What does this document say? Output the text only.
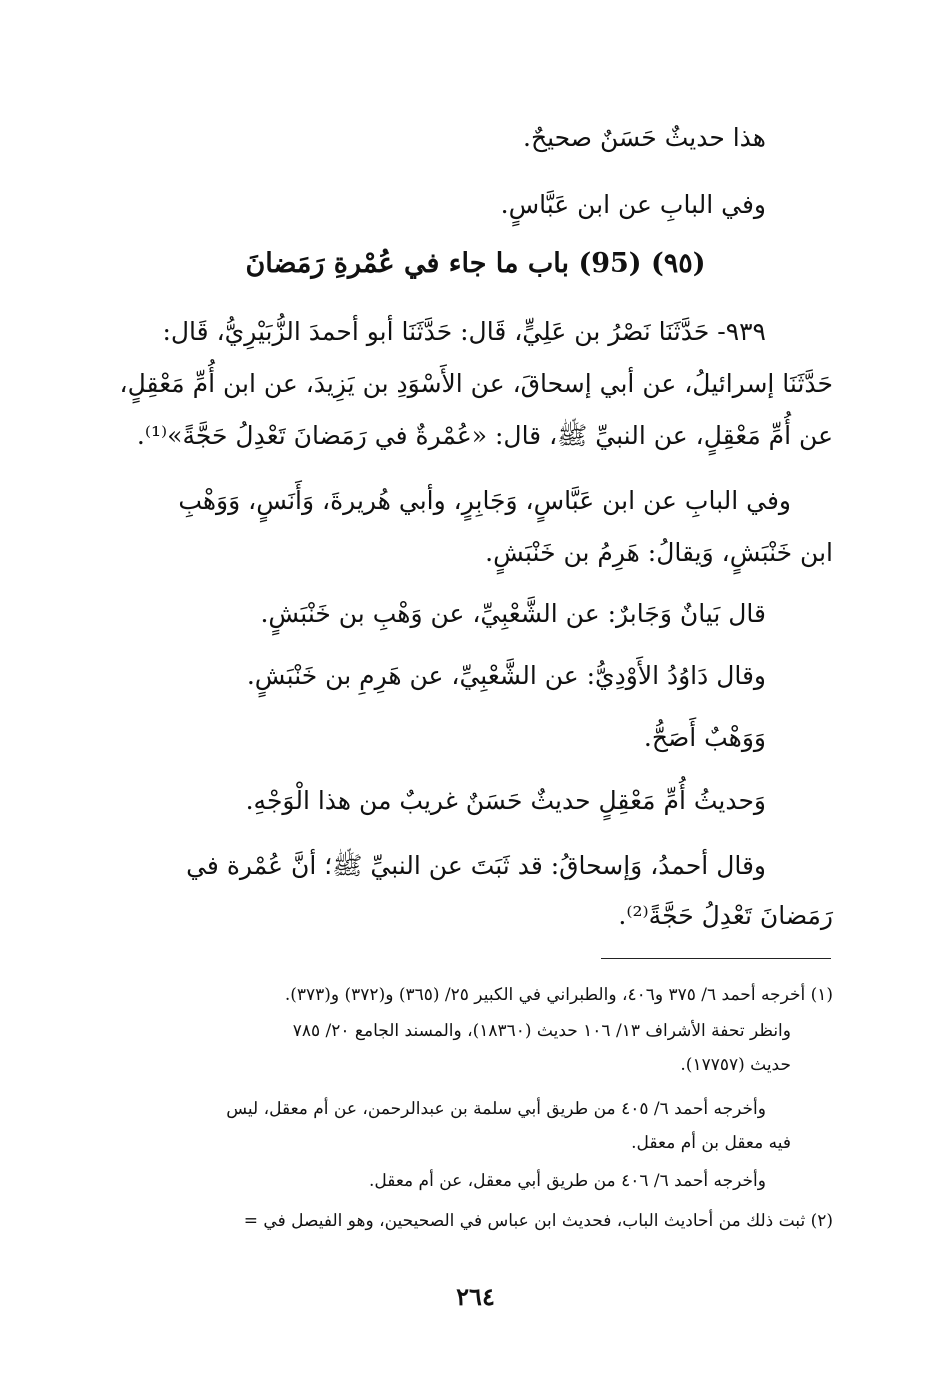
هذا حديثٌ حَسَنٌ صحيحٌ.
وفي البابِ عن ابن عَبَّاسٍ.
(٩٥) (95) باب ما جاء في عُمْرةِ رَمَضانَ
٩٣٩- حَدَّثَنَا نَصْرُ بن عَلِيٍّ، قَال: حَدَّثَنَا أبو أحمدَ الزُّبَيْرِيُّ، قَال:
حَدَّثَنَا إسرائيلُ، عن أبي إسحاقَ، عن الأَسْوَدِ بن يَزِيدَ، عن ابن أُمِّ مَعْقِلٍ،
عن أُمِّ مَعْقِلٍ، عن النبيِّ ﷺ، قال: «عُمْرةٌ في رَمَضانَ تَعْدِلُ حَجَّةً»⁽¹⁾.
وفي البابِ عن ابن عَبَّاسٍ، وَجَابِرٍ، وأبي هُريرةَ، وَأَنَسٍ، وَوَهْبِ
ابن خَنْبَشٍ، وَيقالُ: هَرِمُ بن خَنْبَشٍ.
قال بَيانٌ وَجَابرٌ: عن الشَّعْبِيِّ، عن وَهْبِ بن خَنْبَشٍ.
وقال دَاوُدُ الأَوْدِيُّ: عن الشَّعْبِيِّ، عن هَرِمِ بن خَنْبَشٍ.
وَوَهْبٌ أَصَحُّ.
وَحديثُ أُمِّ مَعْقِلٍ حديثٌ حَسَنٌ غريبٌ من هذا الْوَجْهِ.
وقال أحمدُ، وَإسحاقُ: قد ثَبَتَ عن النبيِّ ﷺ؛ أنَّ عُمْرة في
رَمَضانَ تَعْدِلُ حَجَّةً⁽²⁾.
(١) أخرجه أحمد ٦/ ٣٧٥ و٤٠٦، والطبراني في الكبير ٢٥/ (٣٦٥) و(٣٧٢) و(٣٧٣).
وانظر تحفة الأشراف ١٣/ ١٠٦ حديث (١٨٣٦٠)، والمسند الجامع ٢٠/ ٧٨٥
حديث (١٧٧٥٧).
وأخرجه أحمد ٦/ ٤٠٥ من طريق أبي سلمة بن عبدالرحمن، عن أم معقل، ليس
فيه معقل بن أم معقل.
وأخرجه أحمد ٦/ ٤٠٦ من طريق أبي معقل، عن أم معقل.
(٢) ثبت ذلك من أحاديث الباب، فحديث ابن عباس في الصحيحين، وهو الفيصل في =
٢٦٤
